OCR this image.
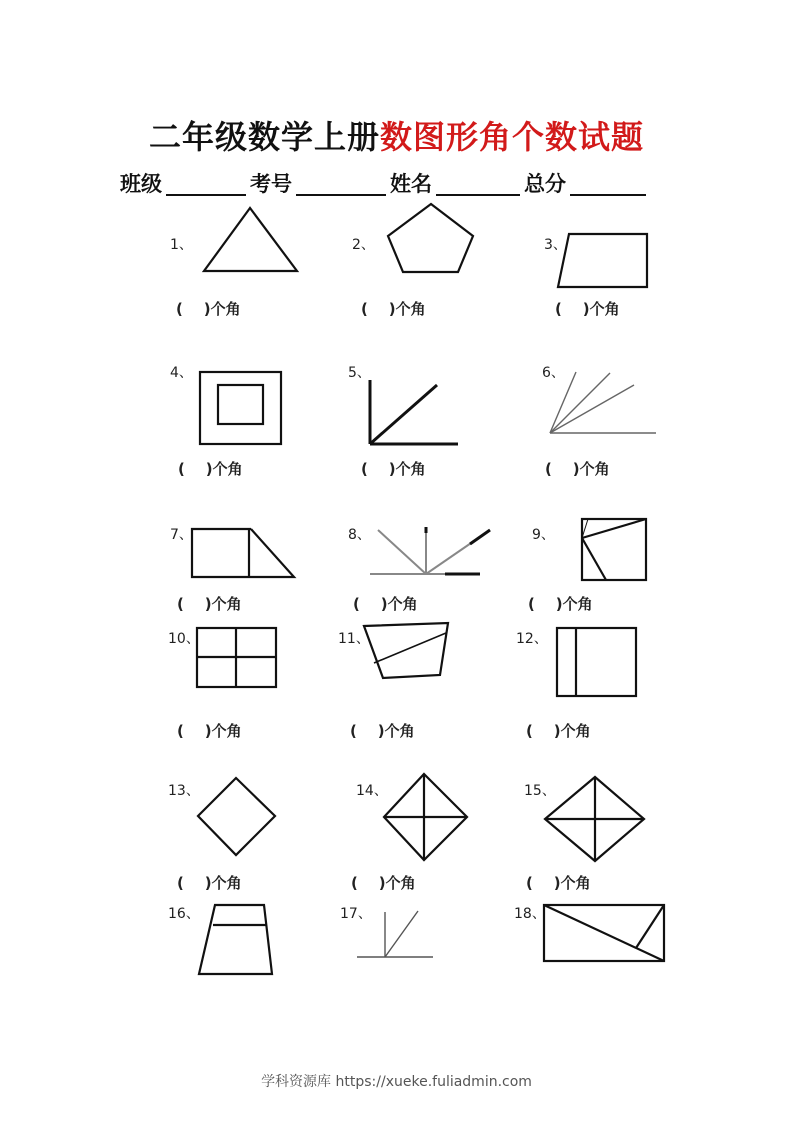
二年级数学上册数图形角个数试题
班级	考号	姓名	总分
1、
(    )个角
2、
(    )个角
3、
(    )个角
4、
(    )个角
5、
(    )个角
6、
(    )个角
7、
(    )个角
8、
(    )个角
9、
(    )个角
10、
(    )个角
11、
(    )个角
12、
(    )个角
13、
(    )个角
14、
(    )个角
15、
(    )个角
16、	17、	18、
学科资源库 https://xueke.fuliadmin.com
